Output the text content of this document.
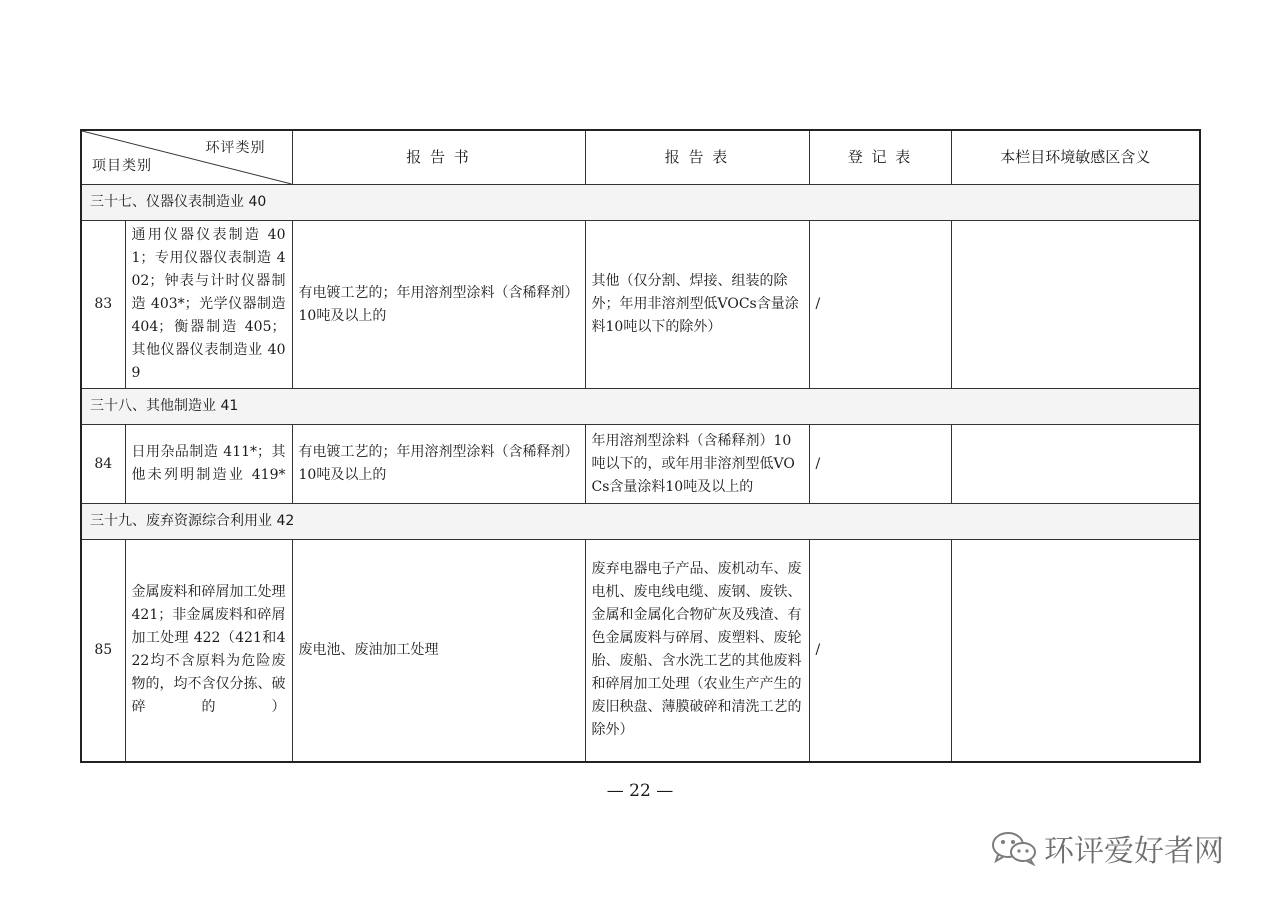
环评类别
项目类别		报 告 书	报 告 表	登 记 表	本栏目环境敏感区含义
三十七、仪器仪表制造业 40					
83	通用仪器仪表制造 401；专用仪器仪表制造 402；钟表与计时仪器制造 403*；光学仪器制造 404；衡器制造 405；其他仪器仪表制造业 409	有电镀工艺的；年用溶剂型涂料（含稀释剂）10吨及以上的	其他（仅分割、焊接、组装的除外；年用非溶剂型低VOCs含量涂料10吨以下的除外）	/	
三十八、其他制造业 41					
84	日用杂品制造 411*；其他未列明制造业 419*	有电镀工艺的；年用溶剂型涂料（含稀释剂）10吨及以上的	年用溶剂型涂料（含稀释剂）10吨以下的，或年用非溶剂型低VOCs含量涂料10吨及以上的	/	
三十九、废弃资源综合利用业 42					
85	金属废料和碎屑加工处理 421；非金属废料和碎屑加工处理 422（421和422均不含原料为危险废物的，均不含仅分拣、破碎的）	废电池、废油加工处理	废弃电器电子产品、废机动车、废电机、废电线电缆、废钢、废铁、金属和金属化合物矿灰及残渣、有色金属废料与碎屑、废塑料、废轮胎、废船、含水洗工艺的其他废料和碎屑加工处理（农业生产产生的废旧秧盘、薄膜破碎和清洗工艺的除外）	/	
— 22 —
环评爱好者网
